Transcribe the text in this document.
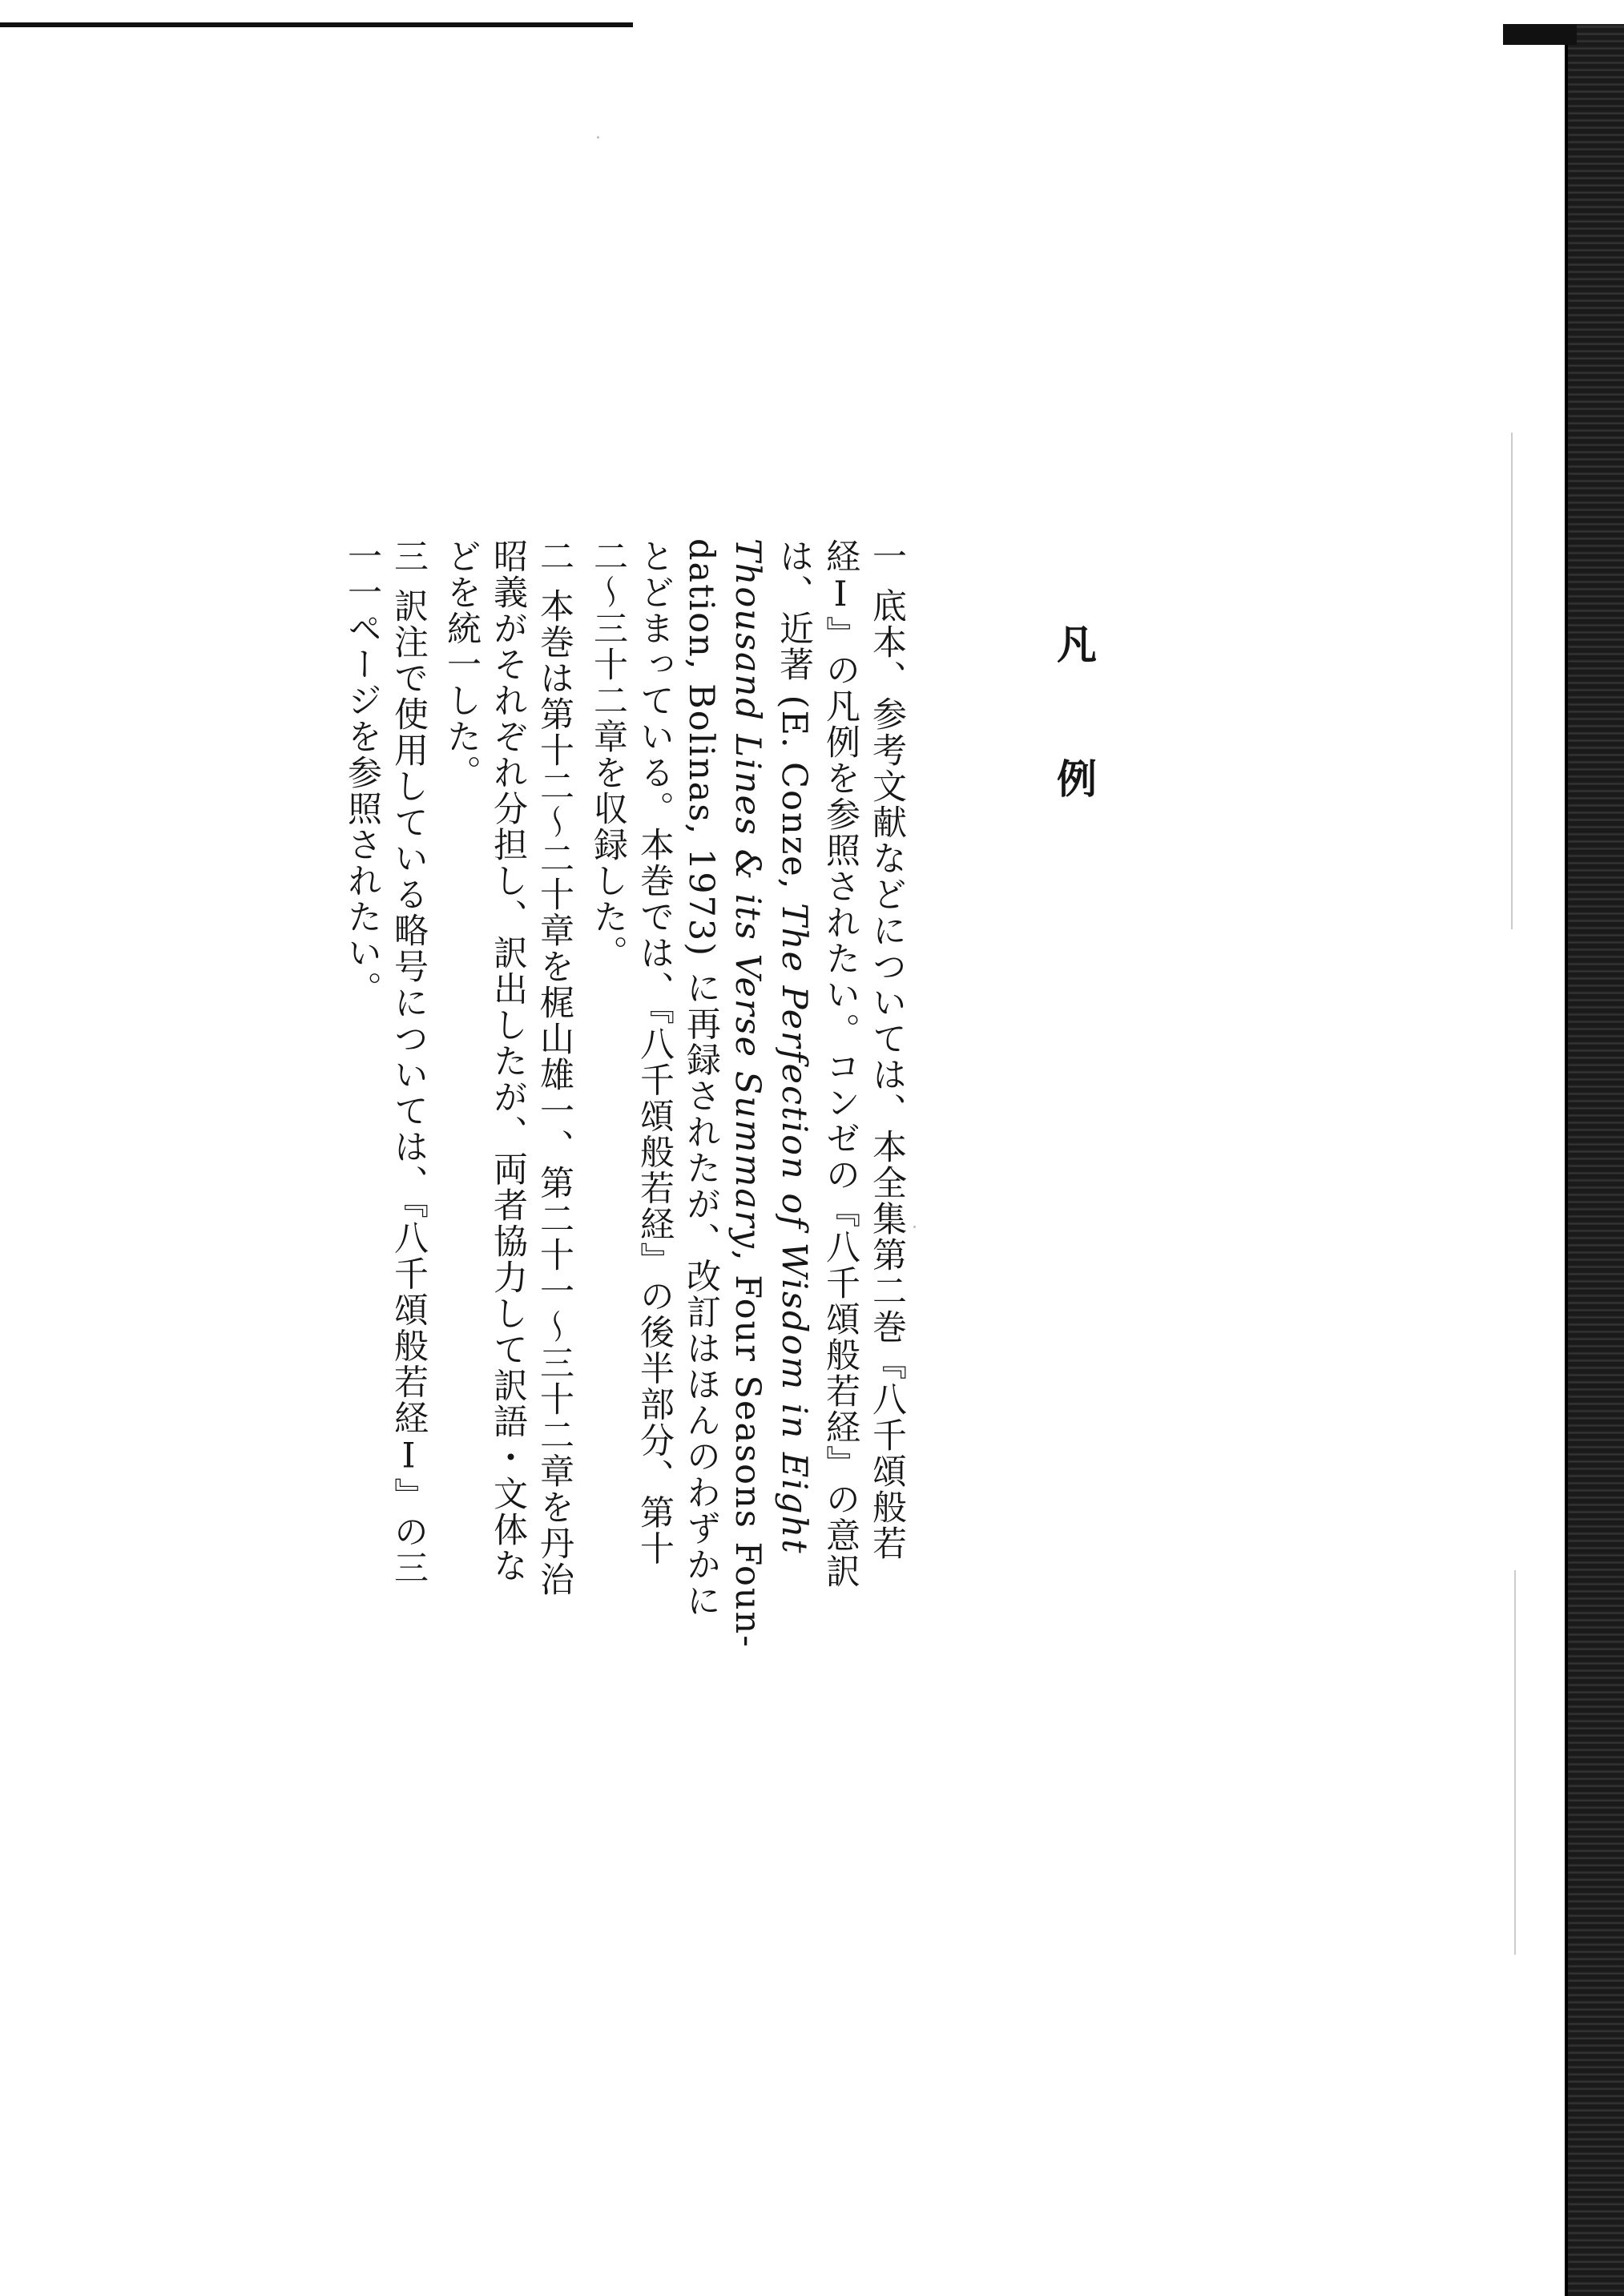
凡　例
一
底本、参考文献などについては、本全集第二巻『八千頌般若
経Ⅰ』の凡例を参照されたい。コンゼの『八千頌般若経』の意訳
は、近著 (E. Conze, The Perfection of Wisdom in Eight
Thousand Lines & its Verse Summary, Four Seasons Foun-
dation, Bolinas, 1973) に再録されたが、改訂はほんのわずかに
とどまっている。本巻では、『八千頌般若経』の後半部分、第十
二〜三十二章を収録した。
二
本巻は第十二〜二十章を梶山雄一、第二十一〜三十二章を丹治
昭義がそれぞれ分担し、訳出したが、両者協力して訳語・文体な
どを統一した。
三
訳注で使用している略号については、『八千頌般若経Ⅰ』の三
一一ページを参照されたい。
